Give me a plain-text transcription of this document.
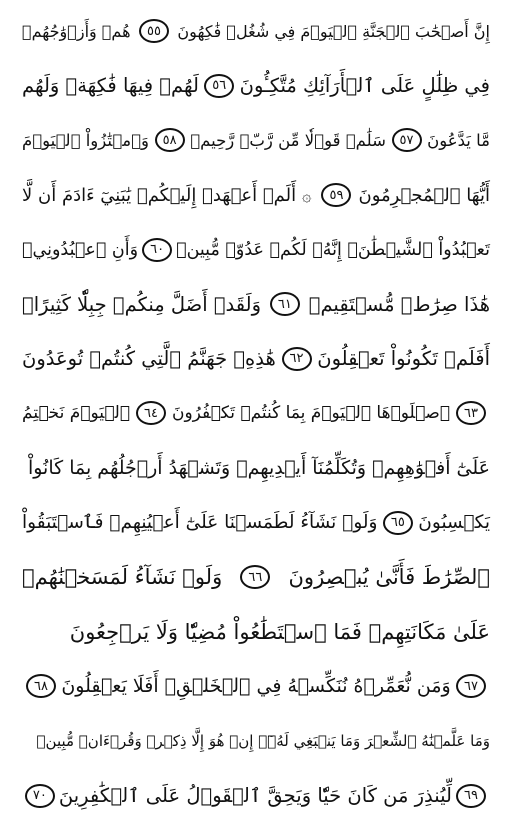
إِنَّ أَصۡحَٰبَ ٱلۡجَنَّةِ ٱلۡيَوۡمَ فِي شُغُلٖ فَٰكِهُونَ
٥٥
هُمۡ وَأَزۡوَٰجُهُمۡ
فِي ظِلَٰلٍ عَلَى ٱلۡأَرَآئِكِ مُتَّكِـُٔونَ
٥٦
لَهُمۡ فِيهَا فَٰكِهَةٞ وَلَهُم
مَّا يَدَّعُونَ
٥٧
سَلَٰمٞ قَوۡلٗا مِّن رَّبّٖ رَّحِيمٖ
٥٨
وَٱمۡتَٰزُواْ ٱلۡيَوۡمَ
أَيُّهَا ٱلۡمُجۡرِمُونَ
٥٩
۞
أَلَمۡ أَعۡهَدۡ إِلَيۡكُمۡ يَٰبَنِيٓ ءَادَمَ أَن لَّا
تَعۡبُدُواْ ٱلشَّيۡطَٰنَۖ إِنَّهُۥ لَكُمۡ عَدُوّٞ مُّبِينٞ
٦٠
وَأَنِ ٱعۡبُدُونِيۚ
هَٰذَا صِرَٰطٞ مُّسۡتَقِيمٞ
٦١
وَلَقَدۡ أَضَلَّ مِنكُمۡ جِبِلّٗا كَثِيرًاۖ
أَفَلَمۡ تَكُونُواْ تَعۡقِلُونَ
٦٢
هَٰذِهِۦ جَهَنَّمُ ٱلَّتِي كُنتُمۡ تُوعَدُونَ
٦٣
ٱصۡلَوۡهَا ٱلۡيَوۡمَ بِمَا كُنتُمۡ تَكۡفُرُونَ
٦٤
ٱلۡيَوۡمَ نَخۡتِمُ
عَلَىٰٓ أَفۡوَٰهِهِمۡ وَتُكَلِّمُنَآ أَيۡدِيهِمۡ وَتَشۡهَدُ أَرۡجُلُهُم بِمَا كَانُواْ
يَكۡسِبُونَ
٦٥
وَلَوۡ نَشَآءُ لَطَمَسۡنَا عَلَىٰٓ أَعۡيُنِهِمۡ فَٱسۡتَبَقُواْ
ٱلصِّرَٰطَ فَأَنَّىٰ يُبۡصِرُونَ
٦٦
وَلَوۡ نَشَآءُ لَمَسَخۡنَٰهُمۡ
عَلَىٰ مَكَانَتِهِمۡ فَمَا ٱسۡتَطَٰعُواْ مُضِيّٗا وَلَا يَرۡجِعُونَ
٦٧
وَمَن نُّعَمِّرۡهُ نُنَكِّسۡهُ فِي ٱلۡخَلۡقِۚ أَفَلَا يَعۡقِلُونَ
٦٨
وَمَا عَلَّمۡنَٰهُ ٱلشِّعۡرَ وَمَا يَنۢبَغِي لَهُۥٓۚ إِنۡ هُوَ إِلَّا ذِكۡرٞ وَقُرۡءَانٞ مُّبِينٞ
٦٩
لِّيُنذِرَ مَن كَانَ حَيّٗا وَيَحِقَّ ٱلۡقَوۡلُ عَلَى ٱلۡكَٰفِرِينَ
٧٠
